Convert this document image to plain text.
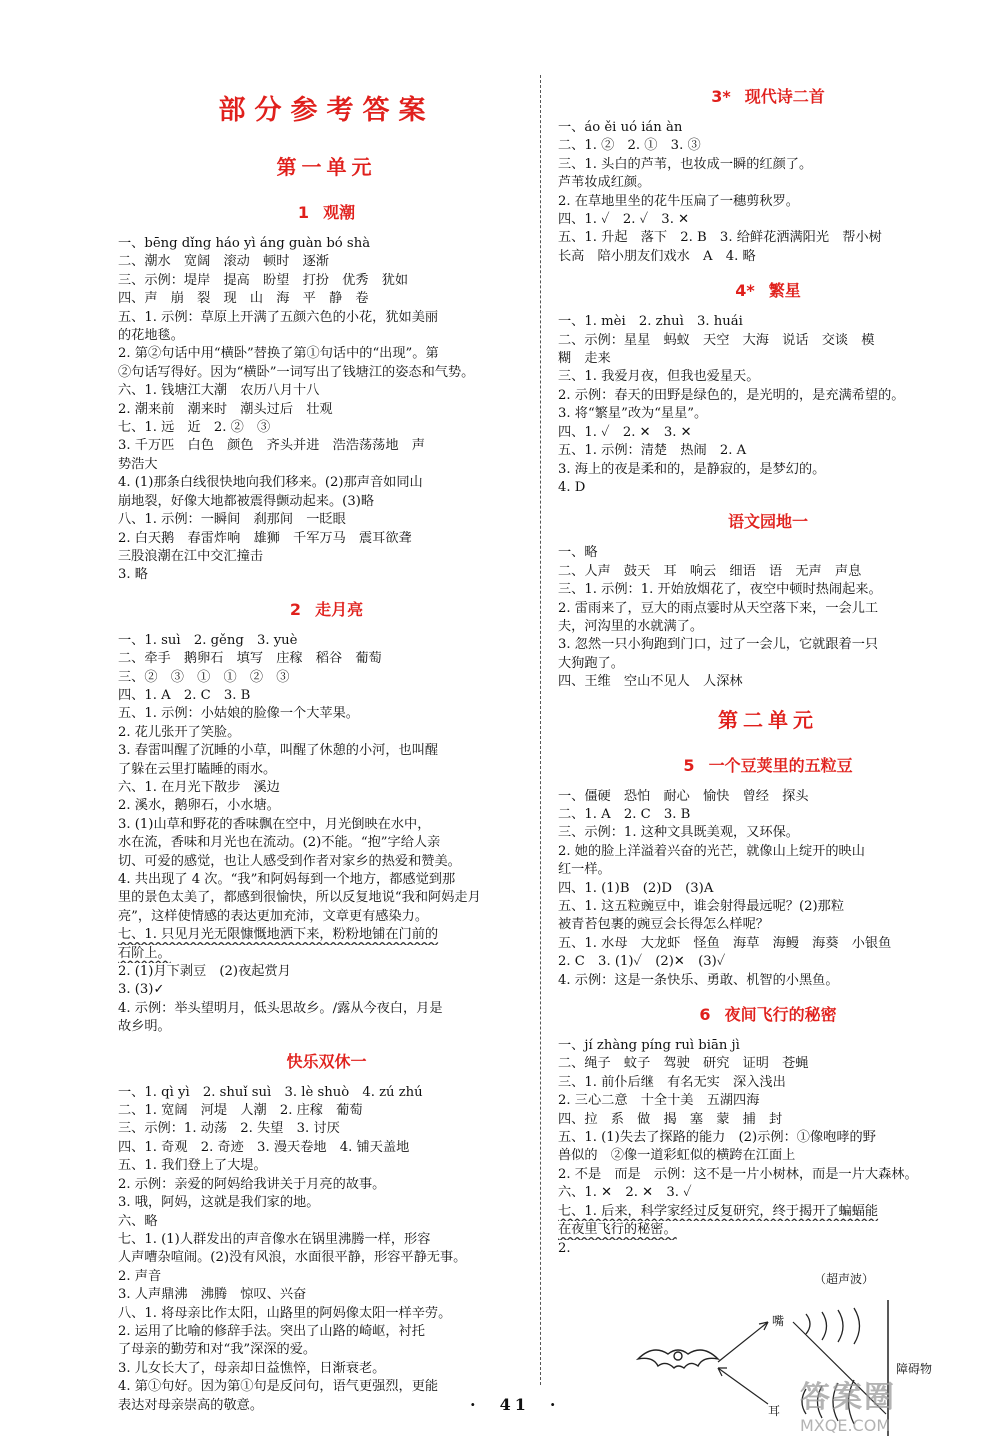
部分参考答案
第一单元
1 观潮
一、bēng dǐng háo yì áng guàn bó shà
二、潮水　宽阔　滚动　顿时　逐渐
三、示例：堤岸　提高　盼望　打扮　优秀　犹如
四、声　崩　裂　现　山　海　平　静　卷
五、1. 示例：草原上开满了五颜六色的小花，犹如美丽
的花地毯。
2. 第②句话中用“横卧”替换了第①句话中的“出现”。第
②句话写得好。因为“横卧”一词写出了钱塘江的姿态和气势。
六、1. 钱塘江大潮　农历八月十八
2. 潮来前　潮来时　潮头过后　壮观
七、1. 远　近　2. ②　③
3. 千万匹　白色　颜色　齐头并进　浩浩荡荡地　声
势浩大
4. (1)那条白线很快地向我们移来。(2)那声音如同山
崩地裂，好像大地都被震得颤动起来。(3)略
八、1. 示例：一瞬间　刹那间　一眨眼
2. 白天鹅　春雷炸响　雄狮　千军万马　震耳欲聋
三股浪潮在江中交汇撞击
3. 略
2 走月亮
一、1. suì　2. gěng　3. yuè
二、牵手　鹅卵石　填写　庄稼　稻谷　葡萄
三、②　③　①　①　②　③
四、1. A　2. C　3. B
五、1. 示例：小姑娘的脸像一个大苹果。
2. 花儿张开了笑脸。
3. 春雷叫醒了沉睡的小草，叫醒了休憩的小河，也叫醒
了躲在云里打瞌睡的雨水。
六、1. 在月光下散步　溪边
2. 溪水，鹅卵石，小水塘。
3. (1)山草和野花的香味飘在空中，月光倒映在水中，
水在流，香味和月光也在流动。(2)不能。“抱”字给人亲
切、可爱的感觉，也让人感受到作者对家乡的热爱和赞美。
4. 共出现了 4 次。“我”和阿妈每到一个地方，都感觉到那
里的景色太美了，都感到很愉快，所以反复地说“我和阿妈走月
亮”，这样使情感的表达更加充沛，文章更有感染力。
七、1. 只见月光无限慷慨地洒下来，粉粉地铺在门前的
石阶上。
2. (1)月下剥豆　(2)夜起赏月
3. (3)✓
4. 示例：举头望明月，低头思故乡。/露从今夜白，月是
故乡明。
快乐双休一
一、1. qì yì　2. shuǐ suì　3. lè shuò　4. zú zhú
二、1. 宽阔　河堤　人潮　2. 庄稼　葡萄
三、示例：1. 动荡　2. 失望　3. 讨厌
四、1. 奇观　2. 奇迹　3. 漫天卷地　4. 铺天盖地
五、1. 我们登上了大堤。
2. 示例：亲爱的阿妈给我讲关于月亮的故事。
3. 哦，阿妈，这就是我们家的地。
六、略
七、1. (1)人群发出的声音像水在锅里沸腾一样，形容
人声嘈杂喧闹。(2)没有风浪，水面很平静，形容平静无事。
2. 声音
3. 人声鼎沸　沸腾　惊叹、兴奋
八、1. 将母亲比作太阳，山路里的阿妈像太阳一样辛劳。
2. 运用了比喻的修辞手法。突出了山路的崎岖，衬托
了母亲的勤劳和对“我”深深的爱。
3. 儿女长大了，母亲却日益憔悴，日渐衰老。
4. 第①句好。因为第①句是反问句，语气更强烈，更能
表达对母亲崇高的敬意。
3* 现代诗二首
一、áo ěi uó ián àn
二、1. ②　2. ①　3. ③
三、1. 头白的芦苇，也妆成一瞬的红颜了。
芦苇妆成红颜。
2. 在草地里坐的花牛压扁了一穗剪秋罗。
四、1. ✓　2. ✓　3. ✕
五、1. 升起　落下　2. B　3. 给鲜花洒满阳光　帮小树
长高　陪小朋友们戏水　A　4. 略
4* 繁星
一、1. mèi　2. zhuì　3. huái
二、示例：星星　蚂蚁　天空　大海　说话　交谈　模
糊　走来
三、1. 我爱月夜，但我也爱星天。
2. 示例：春天的田野是绿色的，是光明的，是充满希望的。
3. 将“繁星”改为“星星”。
四、1. ✓　2. ✕　3. ✕
五、1. 示例：清楚　热闹　2. A
3. 海上的夜是柔和的，是静寂的，是梦幻的。
4. D
语文园地一
一、略
二、人声　鼓天　耳　响云　细语　语　无声　声息
三、1. 示例：1. 开始放烟花了，夜空中顿时热闹起来。
2. 雷雨来了，豆大的雨点霎时从天空落下来，一会儿工
夫，河沟里的水就满了。
3. 忽然一只小狗跑到门口，过了一会儿，它就跟着一只
大狗跑了。
四、王维　空山不见人　人深林
第二单元
5 一个豆荚里的五粒豆
一、僵硬　恐怕　耐心　愉快　曾经　探头
二、1. A　2. C　3. B
三、示例：1. 这种文具既美观，又环保。
2. 她的脸上洋溢着兴奋的光芒，就像山上绽开的映山
红一样。
四、1. (1)B　(2)D　(3)A
五、1. 这五粒豌豆中，谁会射得最远呢？(2)那粒
被青苔包裹的豌豆会长得怎么样呢？
五、1. 水母　大龙虾　怪鱼　海草　海鳗　海葵　小银鱼
2. C　3. (1)✓　(2)✕　(3)✓
4. 示例：这是一条快乐、勇敢、机智的小黑鱼。
6 夜间飞行的秘密
一、jí zhàng píng ruì biān jì
二、绳子　蚊子　驾驶　研究　证明　苍蝇
三、1. 前仆后继　有名无实　深入浅出
2. 三心二意　十全十美　五湖四海
四、拉　系　做　揭　塞　蒙　捕　封
五、1. (1)失去了探路的能力　(2)示例：①像咆哮的野
兽似的　②像一道彩虹似的横跨在江面上
2. 不是　而是　示例：这不是一片小树林，而是一片大森林。
六、1. ✕　2. ✕　3. ✓
七、1. 后来，科学家经过反复研究，终于揭开了蝙蝠能
在夜里飞行的秘密。
2.
（超声波）
嘴
耳
障碍物
·　41　·	答案圈
MXQE.COM
